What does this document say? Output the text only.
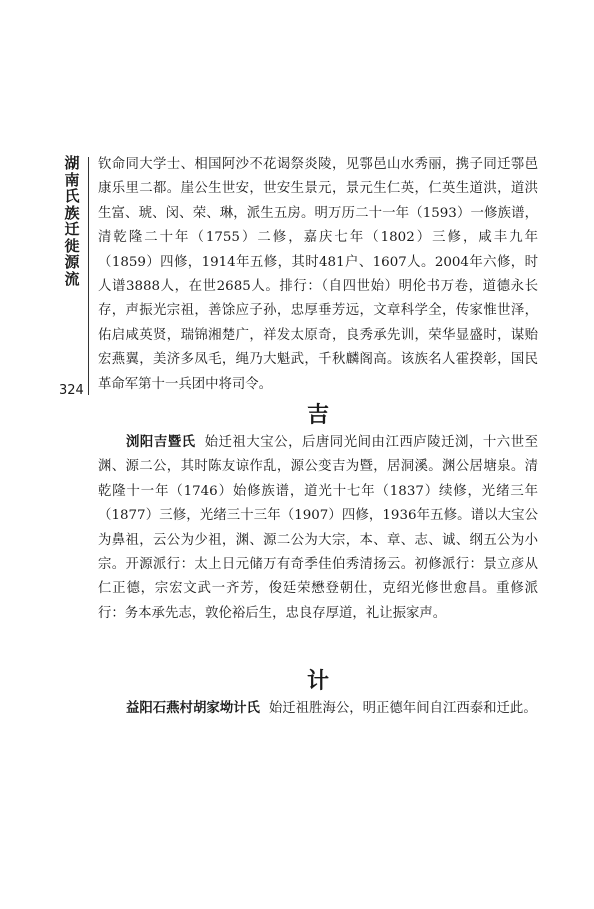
湖南氏族迁徙源流
324

钦命同大学士、相国阿沙不花谒祭炎陵，见鄠邑山水秀丽，携子同迁鄠邑康乐里二都。崖公生世安，世安生景元，景元生仁英，仁英生道洪，道洪生富、琥、闵、荣、琳，派生五房。明万历二十一年（1593）一修族谱，清乾隆二十年（1755）二修，嘉庆七年（1802）三修，咸丰九年（1859）四修，1914年五修，其时481户、1607人。2004年六修，时人谱3888人，在世2685人。排行：（自四世始）明伦书万卷，道德永长存，声振光宗祖，善馀应子孙，忠厚垂芳远，文章科学全，传家惟世泽，佑启咸英贤，瑞锦湘楚广，祥发太原奇，良秀承先训，荣华显盛时，谋贻宏燕翼，美济多凤毛，绳乃大魁武，千秋麟阁高。该族名人霍揆彰，国民革命军第十一兵团中将司令。

吉

浏阳吉暨氏 始迁祖大宝公，后唐同光间由江西庐陵迁浏，十六世至渊、源二公，其时陈友谅作乱，源公变吉为暨，居洞溪。渊公居塘泉。清乾隆十一年（1746）始修族谱，道光十七年（1837）续修，光绪三年（1877）三修，光绪三十三年（1907）四修，1936年五修。谱以大宝公为鼻祖，云公为少祖，渊、源二公为大宗，本、章、志、诚、纲五公为小宗。开源派行：太上日元储万有奇季佳伯秀清扬云。初修派行：景立彦从仁正德，宗宏文武一齐芳，俊廷荣懋登朝仕，克绍光修世愈昌。重修派行：务本承先志，敦伦裕后生，忠良存厚道，礼让振家声。

计

益阳石燕村胡家坳计氏 始迁祖胜海公，明正德年间自江西泰和迁此。
